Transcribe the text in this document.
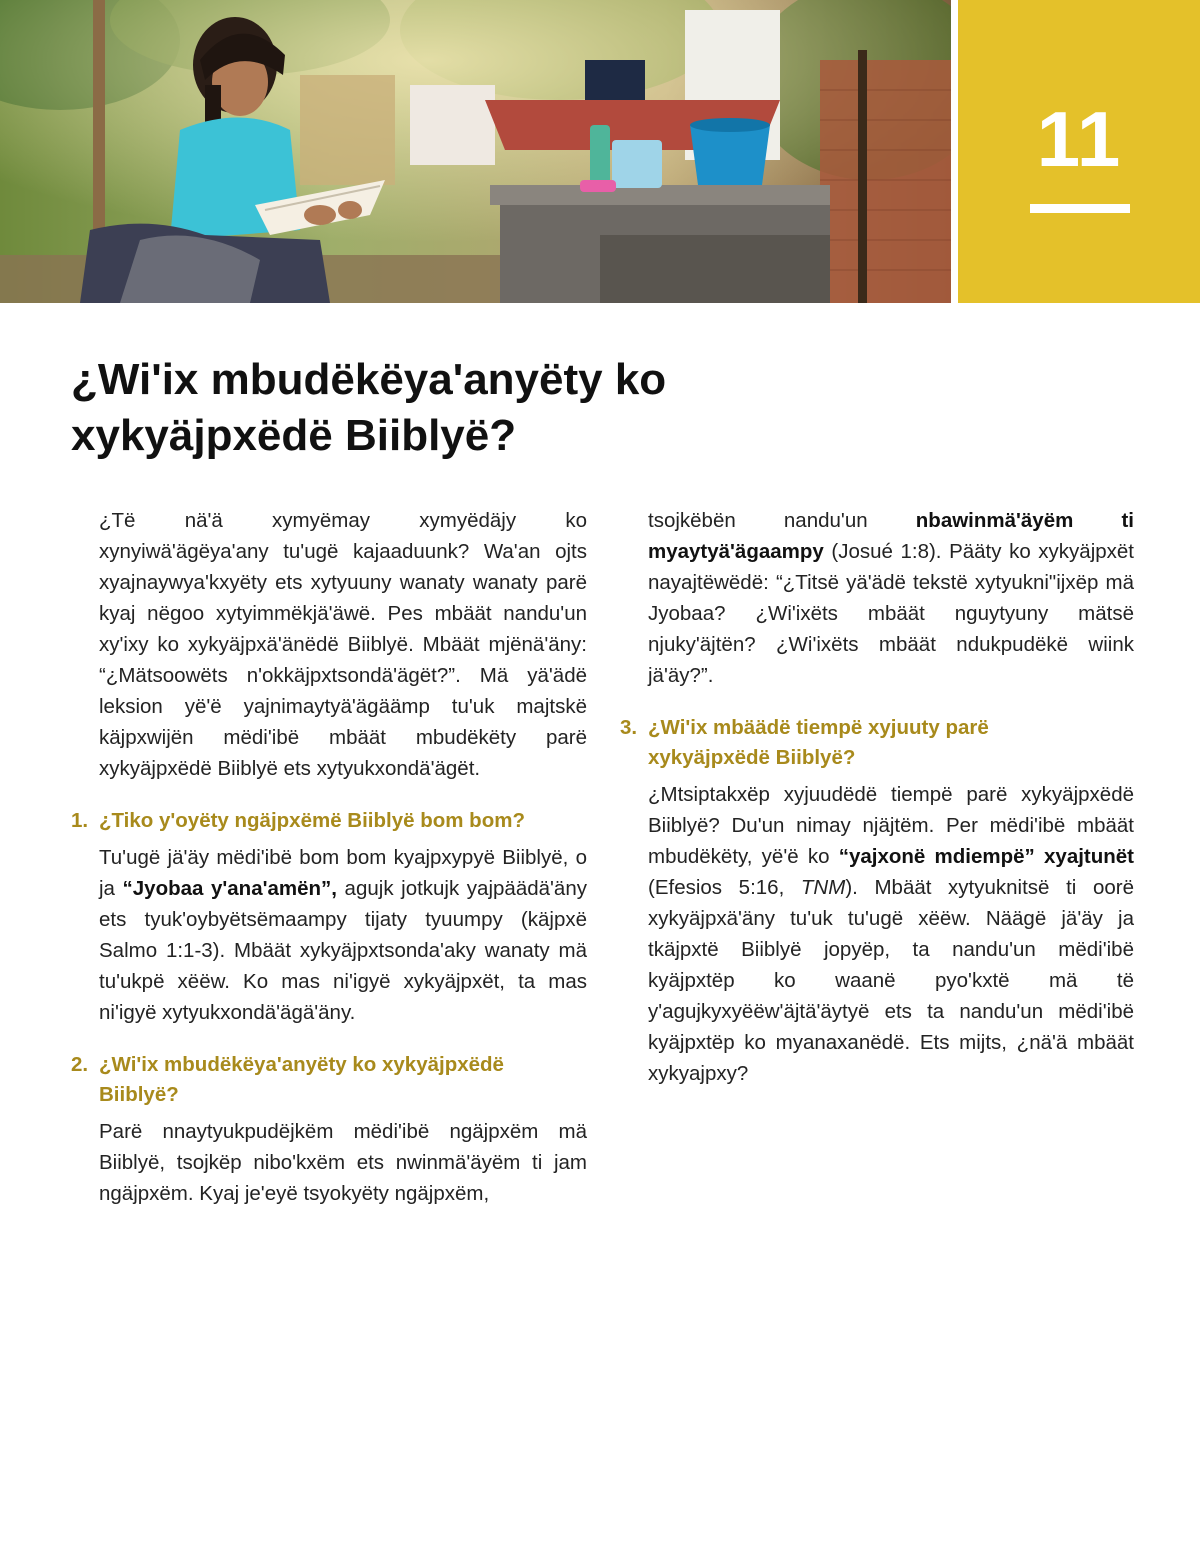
11
¿Wi'ix mbudëkëya'anyëty ko
xykyäjpxëdë Biiblyë?

¿Të nä'ä xymyëmay xymyëdäjy ko xynyiwä'ägëya'any tu'ugë kajaaduunk? Wa'an ojts xyajnaywya'kxyëty ets xytyuuny wanaty wanaty parë kyaj nëgoo xytyimmëkjä'äwë. Pes mbäät nandu'un xy'ixy ko xykyäjpxä'änëdë Biiblyë. Mbäät mjënä'äny: “¿Mätsoowëts n'okkäjpxtsondä'ägët?”. Mä yä'ädë leksion yë'ë yajnimaytyä'ägäämp tu'uk majtskë käjpxwijën mëdi'ibë mbäät mbudëkëty parë xykyäjpxëdë Biiblyë ets xytyukxondä'ägët.

1. ¿Tiko y'oyëty ngäjpxëmë Biiblyë bom bom?

Tu'ugë jä'äy mëdi'ibë bom bom kyajpxypyë Biiblyë, o ja “Jyobaa y'ana'amën”, agujk jotkujk yajpäädä'äny ets tyuk'oybyëtsëmaampy tijaty tyuumpy (käjpxë Salmo 1:1-3). Mbäät xykyäjpxtsonda'aky wanaty mä tu'ukpë xëëw. Ko mas ni'igyë xykyäjpxët, ta mas ni'igyë xytyukxondä'ägä'äny.

2. ¿Wi'ix mbudëkëya'anyëty ko xykyäjpxëdë
Biiblyë?

Parë nnaytyukpudëjkëm mëdi'ibë ngäjpxëm mä Biiblyë, tsojkëp nibo'kxëm ets nwinmä'äyëm ti jam ngäjpxëm. Kyaj je'eyë tsyokyëty ngäjpxëm,

tsojkëbën nandu'un nbawinmä'äyëm ti myaytyä'ägaampy (Josué 1:8). Pääty ko xykyäjpxët nayajtëwëdë: “¿Titsë yä'ädë tekstë xytyukni"ijxëp mä Jyobaa? ¿Wi'ixëts mbäät nguytyuny mätsë njuky'äjtën? ¿Wi'ixëts mbäät ndukpudëkë wiink jä'äy?”.

3. ¿Wi'ix mbäädë tiempë xyjuuty parë
xykyäjpxëdë Biiblyë?

¿Mtsiptakxëp xyjuudëdë tiempë parë xykyäjpxëdë Biiblyë? Du'un nimay njäjtëm. Per mëdi'ibë mbäät mbudëkëty, yë'ë ko “yajxonë mdiempë” xyajtunët (Efesios 5:16, TNM). Mbäät xytyuknitsë ti oorë xykyäjpxä'äny tu'uk tu'ugë xëëw. Näägë jä'äy ja tkäjpxtë Biiblyë jopyëp, ta nandu'un mëdi'ibë kyäjpxtëp ko waanë pyo'kxtë mä të y'agujkyxyëëw'äjtä'äytyë ets ta nandu'un mëdi'ibë kyäjpxtëp ko myanaxanëdë. Ets mijts, ¿nä'ä mbäät xykyajpxy?
